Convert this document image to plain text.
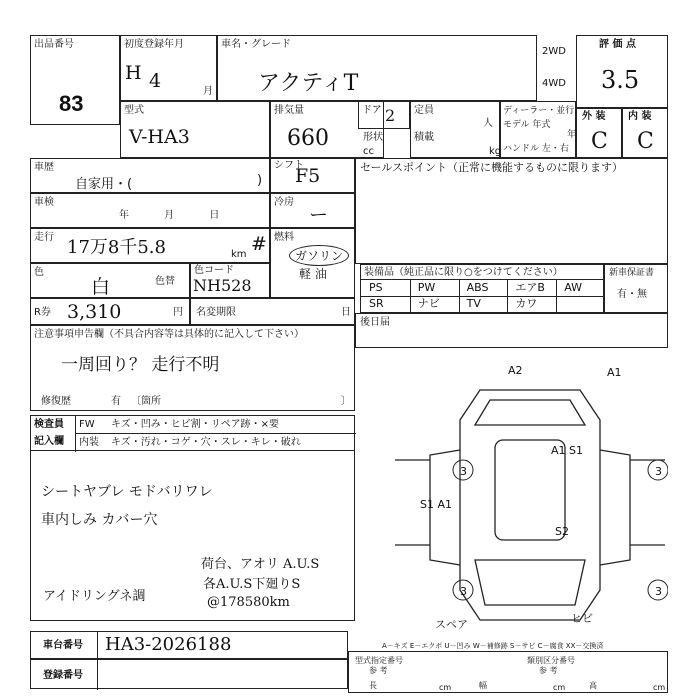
出品番号
83
初度登録年月
H 4	月
車名・グレード
アクティT
2WD
4WD
評 価 点
3.5
型式
V-HA3
排気量
660
cc
ドア 2 定員
人
形状	積載
kg
ディーラー・並行
モデル 年式
年
ハンドル 左・右
外 装
C
内 装
C
車歴
自家用・(	)
シフト
F5
車検
年 月 日
冷房
ー
走行 17万8千5.8	km # 燃料
ガソリン
軽 油
色
白	色替
色コード
NH528
R券 3,310	円 名変期限	日
セールスポイント（正常に機能するものに限ります）
装備品（純正品に限り○をつけてください）
PS	PW	ABS エアB AW
SR	ナビ TV	カワ
新車保証書
有・無
後日届
注意事項申告欄（不具合内容等は具体的に記入して下さい）
一周回り？ 走行不明
修復歴	有 〔箇所	〕
検査員
記入欄
FW キズ・凹み・ヒビ割・リペア跡・×要
内装 キズ・汚れ・コゲ・穴・スレ・キレ・破れ
シートヤブレ モドバリワレ
車内しみ カバー穴
荷台、アオリ A.U.S
各A.U.S下廻りS
アイドリングネ調	@178580km
A2	A1
A1 S1
3	3
S1 A1
S2
3	3
ヒビ
スペア
車台番号 HA3-2026188
登録番号
A－キズ E－エクボ U－凹み W－補修跡 S－サビ C－腐食 XX－交換済
型式指定番号	類別区分番号
参 考	参 考
長	cm	幅	cm	高	cm
